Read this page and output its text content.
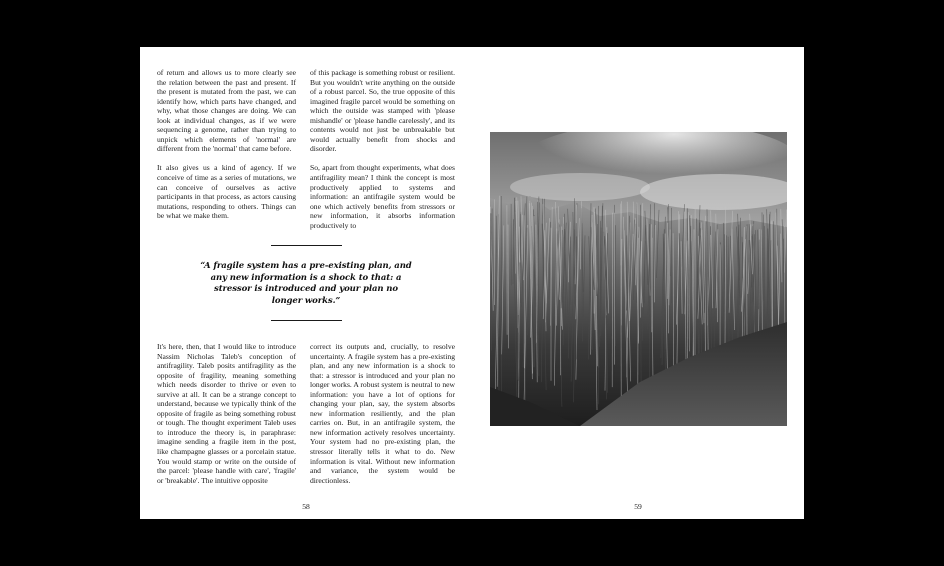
of return and allows us to more clearly see the relation between the past and present. If the present is mutated from the past, we can identify how, which parts have changed, and why, what those changes are doing. We can look at individual changes, as if we were sequencing a genome, rather than trying to unpick which elements of 'normal' are different from the 'normal' that came before.

It also gives us a kind of agency. If we conceive of time as a series of mutations, we can conceive of ourselves as active participants in that process, as actors causing mutations, responding to others. Things can be what we make them.

of this package is something robust or resilient. But you wouldn't write anything on the outside of a robust parcel. So, the true opposite of this imagined fragile parcel would be something on which the outside was stamped with 'please mishandle' or 'please handle carelessly', and its contents would not just be unbreakable but would actually benefit from shocks and disorder.

So, apart from thought experiments, what does antifragility mean? I think the concept is most productively applied to systems and information: an antifragile system would be one which actively benefits from stressors or new information, it absorbs information productively to

“A fragile system has a pre-existing plan, and any new information is a shock to that: a stressor is introduced and your plan no longer works.”

It's here, then, that I would like to introduce Nassim Nicholas Taleb's conception of antifragility. Taleb posits antifragility as the opposite of fragility, meaning something which needs disorder to thrive or even to survive at all. It can be a strange concept to understand, because we typically think of the opposite of fragile as being something robust or tough. The thought experiment Taleb uses to introduce the theory is, in paraphrase: imagine sending a fragile item in the post, like champagne glasses or a porcelain statue. You would stamp or write on the outside of the parcel: 'please handle with care', 'fragile' or 'breakable'. The intuitive opposite

correct its outputs and, crucially, to resolve uncertainty. A fragile system has a pre-existing plan, and any new information is a shock to that: a stressor is introduced and your plan no longer works. A robust system is neutral to new information: you have a lot of options for changing your plan, say, the system absorbs new information resiliently, and the plan carries on. But, in an antifragile system, the new information actively resolves uncertainty. Your system had no pre-existing plan, the stressor literally tells it what to do. New information is vital. Without new information and variance, the system would be directionless.

58	59
